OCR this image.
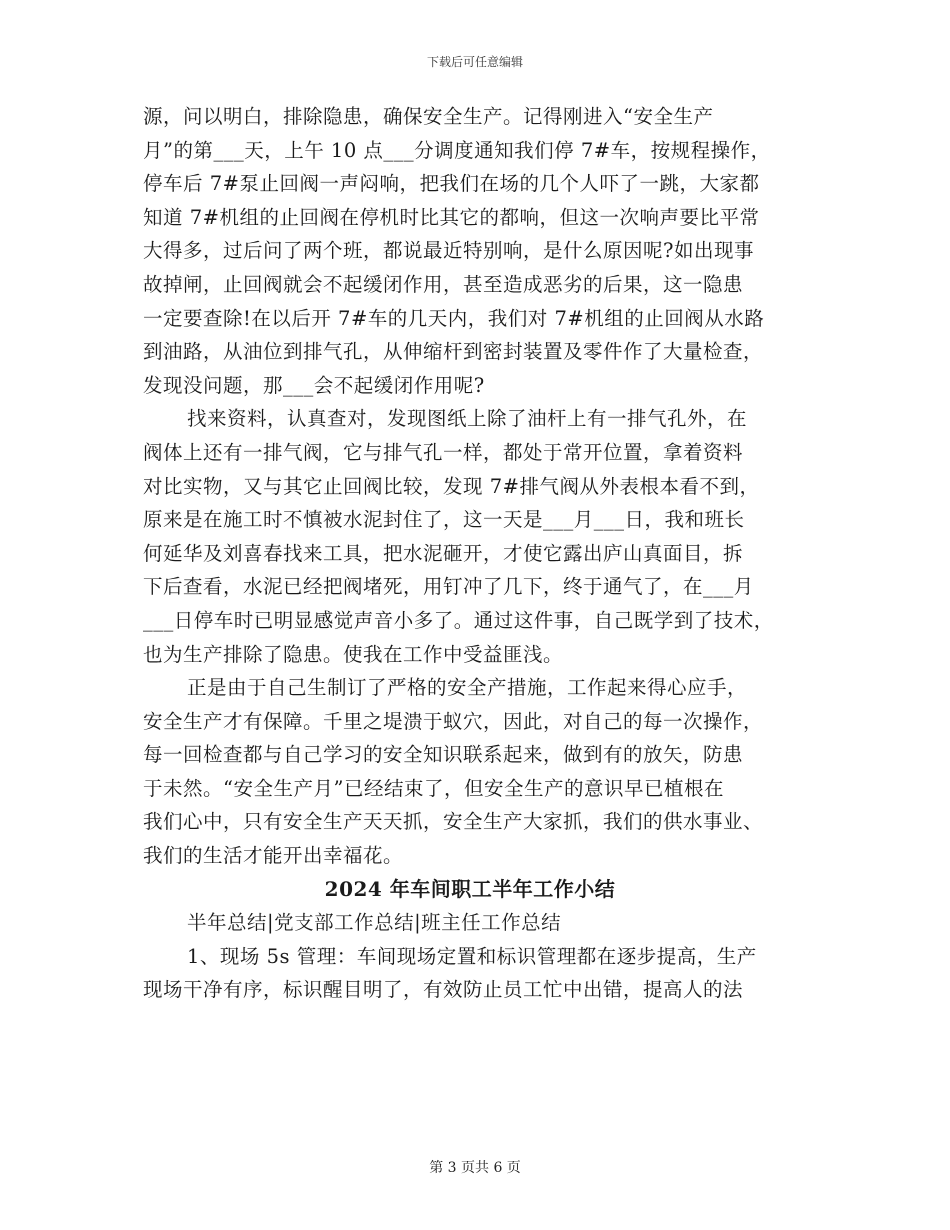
下载后可任意编辑
源，问以明白，排除隐患，确保安全生产。记得刚进入“安全生产
月”的第___天，上午 10 点___分调度通知我们停 7#车，按规程操作，
停车后 7#泵止回阀一声闷响，把我们在场的几个人吓了一跳，大家都
知道 7#机组的止回阀在停机时比其它的都响，但这一次响声要比平常
大得多，过后问了两个班，都说最近特别响，是什么原因呢?如出现事
故掉闸，止回阀就会不起缓闭作用，甚至造成恶劣的后果，这一隐患
一定要查除!在以后开 7#车的几天内，我们对 7#机组的止回阀从水路
到油路，从油位到排气孔，从伸缩杆到密封装置及零件作了大量检查，
发现没问题，那___会不起缓闭作用呢?
找来资料，认真查对，发现图纸上除了油杆上有一排气孔外，在
阀体上还有一排气阀，它与排气孔一样，都处于常开位置，拿着资料
对比实物，又与其它止回阀比较，发现 7#排气阀从外表根本看不到，
原来是在施工时不慎被水泥封住了，这一天是___月___日，我和班长
何延华及刘喜春找来工具，把水泥砸开，才使它露出庐山真面目，拆
下后查看，水泥已经把阀堵死，用钉冲了几下，终于通气了，在___月
___日停车时已明显感觉声音小多了。通过这件事，自己既学到了技术，
也为生产排除了隐患。使我在工作中受益匪浅。
正是由于自己生制订了严格的安全产措施，工作起来得心应手，
安全生产才有保障。千里之堤溃于蚁穴，因此，对自己的每一次操作，
每一回检查都与自己学习的安全知识联系起来，做到有的放矢，防患
于未然。“安全生产月”已经结束了，但安全生产的意识早已植根在
我们心中，只有安全生产天天抓，安全生产大家抓，我们的供水事业、
我们的生活才能开出幸福花。
2024 年车间职工半年工作小结
半年总结|党支部工作总结|班主任工作总结
1、现场 5s 管理：车间现场定置和标识管理都在逐步提高，生产
现场干净有序，标识醒目明了，有效防止员工忙中出错，提高人的法
第 3 页共 6 页
